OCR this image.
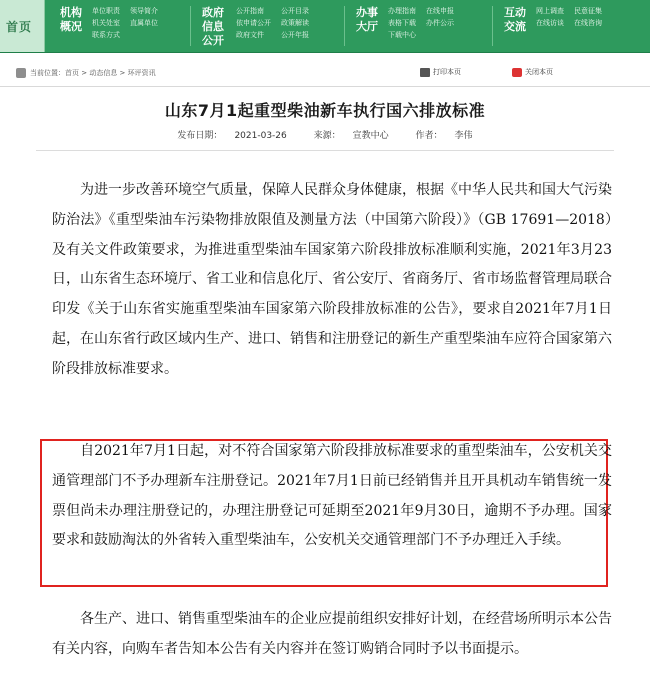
首页
机构概况
单位职责 领导简介
机关处室 直属单位
联系方式
政府信息公开
公开指南	公开目录
依申请公开 政策解读
政府文件	公开年报
办事大厅
办理指南 在线申报
表格下载 办件公示
下载中心
互动交流
网上调查 民意征集
在线访谈 在线咨询
当前位置：首页 > 动态信息 > 环评资讯	打印本页	关闭本页
山东7月1起重型柴油新车执行国六排放标准
发布日期： 2021-03-26	来源： 宣教中心	作者： 李伟
　　为进一步改善环境空气质量，保障人民群众身体健康，根据《中华人民共和国大气污染防治法》《重型柴油车污染物排放限值及测量方法（中国第六阶段）》（GB 17691—2018）及有关文件政策要求，为推进重型柴油车国家第六阶段排放标准顺利实施，2021年3月23日，山东省生态环境厅、省工业和信息化厅、省公安厅、省商务厅、省市场监督管理局联合印发《关于山东省实施重型柴油车国家第六阶段排放标准的公告》，要求自2021年7月1日起，在山东省行政区域内生产、进口、销售和注册登记的新生产重型柴油车应符合国家第六阶段排放标准要求。
　　自2021年7月1日起，对不符合国家第六阶段排放标准要求的重型柴油车，公安机关交通管理部门不予办理新车注册登记。2021年7月1日前已经销售并且开具机动车销售统一发票但尚未办理注册登记的，办理注册登记可延期至2021年9月30日，逾期不予办理。国家要求和鼓励淘汰的外省转入重型柴油车，公安机关交通管理部门不予办理迁入手续。
　　各生产、进口、销售重型柴油车的企业应提前组织安排好计划，在经营场所明示本公告有关内容，向购车者告知本公告有关内容并在签订购销合同时予以书面提示。
